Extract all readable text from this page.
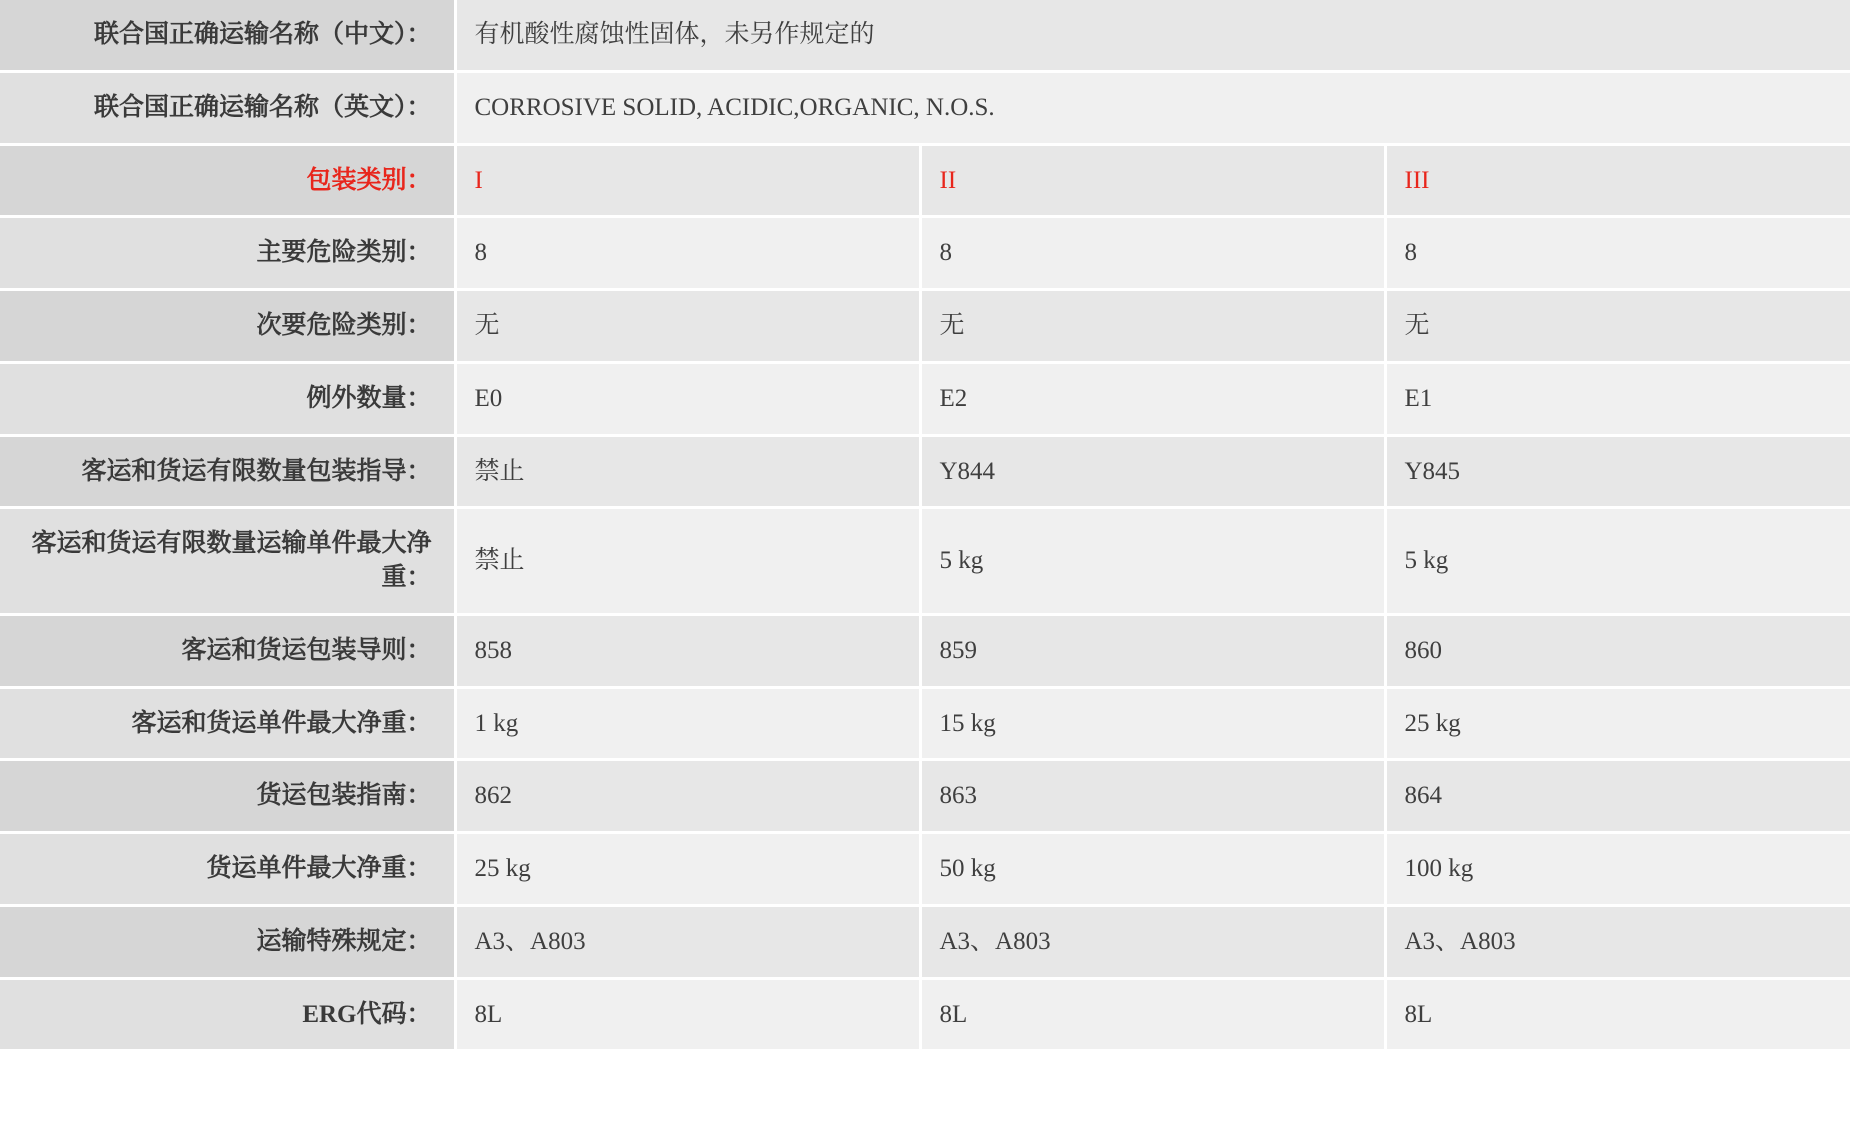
联合国正确运输名称（中文）：	有机酸性腐蚀性固体，未另作规定的		

联合国正确运输名称（英文）：	CORROSIVE SOLID, ACIDIC,ORGANIC, N.O.S.		

包装类别：	I	II	III

主要危险类别：	8	8	8

次要危险类别：	无	无	无

例外数量：	E0	E2	E1

客运和货运有限数量包装指导：	禁止	Y844	Y845

客运和货运有限数量运输单件最大净重：	禁止	5 kg	5 kg

客运和货运包装导则：	858	859	860

客运和货运单件最大净重：	1 kg	15 kg	25 kg

货运包装指南：	862	863	864

货运单件最大净重：	25 kg	50 kg	100 kg

运输特殊规定：	A3、A803	A3、A803	A3、A803

ERG代码：	8L	8L	8L
